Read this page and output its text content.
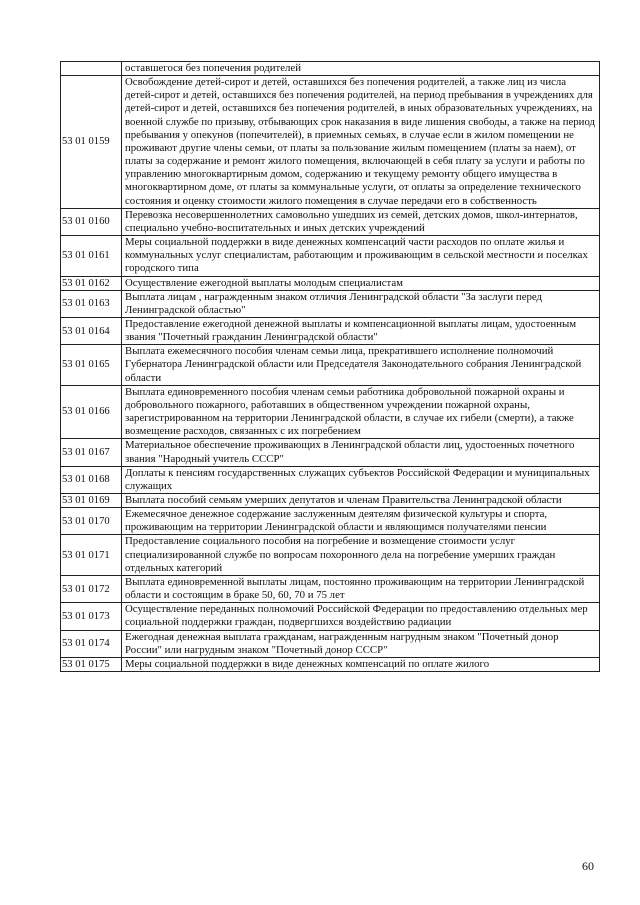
	оставшегося без попечения родителей
53 01 0159	Освобождение детей-сирот и детей, оставшихся без попечения родителей, а также лиц из числа детей-сирот и детей, оставшихся без попечения родителей, на период пребывания в учреждениях для детей-сирот и детей, оставшихся без попечения родителей, в иных образовательных учреждениях, на военной службе по призыву, отбывающих срок наказания в виде лишения свободы, а также на период пребывания у опекунов (попечителей), в приемных семьях, в случае если в жилом помещении не проживают другие члены семьи, от платы за пользование жилым помещением (платы за наем), от платы за содержание и ремонт жилого помещения, включающей в себя плату за услуги и работы по управлению многоквартирным домом, содержанию и текущему ремонту общего имущества в многоквартирном доме, от платы за коммунальные услуги, от оплаты за определение технического состояния и оценку стоимости жилого помещения в случае передачи его в собственность
53 01 0160	Перевозка несовершеннолетних самовольно ушедших из семей, детских домов, школ-интернатов, специально учебно-воспитательных и иных детских учреждений
53 01 0161	Меры социальной поддержки в виде денежных компенсаций части расходов по оплате жилья и коммунальных услуг специалистам, работающим и проживающим в сельской местности и поселках городского типа
53 01 0162	Осуществление ежегодной выплаты молодым специалистам
53 01 0163	Выплата лицам , награжденным знаком отличия Ленинградской области "За заслуги перед Ленинградской областью"
53 01 0164	Предоставление ежегодной денежной выплаты и компенсационной выплаты лицам, удостоенным звания "Почетный гражданин Ленинградской области"
53 01 0165	Выплата ежемесячного пособия членам семьи лица, прекратившего исполнение полномочий Губернатора Ленинградской области или Председателя Законодательного собрания Ленинградской области
53 01 0166	Выплата единовременного пособия членам семьи работника добровольной пожарной охраны и добровольного пожарного, работавших в общественном учреждении пожарной охраны, зарегистрированном на территории Ленинградской области, в случае их гибели (смерти), а также возмещение расходов, связанных с их погребением
53 01 0167	Материальное обеспечение проживающих в Ленинградской области лиц, удостоенных почетного звания "Народный учитель СССР"
53 01 0168	Доплаты к пенсиям государственных служащих субъектов Российской Федерации и муниципальных служащих
53 01 0169	Выплата пособий семьям умерших депутатов и членам Правительства Ленинградской области
53 01 0170	Ежемесячное денежное содержание заслуженным деятелям физической культуры и спорта, проживающим на территории Ленинградской области и являющимся получателями пенсии
53 01 0171	Предоставление социального пособия на погребение и возмещение стоимости услуг специализированной службе по вопросам похоронного дела на погребение умерших граждан отдельных категорий
53 01 0172	Выплата единовременной выплаты лицам, постоянно проживающим на территории Ленинградской области и состоящим в браке 50, 60, 70 и 75 лет
53 01 0173	Осуществление переданных полномочий Российской Федерации по предоставлению отдельных мер социальной поддержки граждан, подвергшихся воздействию радиации
53 01 0174	Ежегодная денежная выплата гражданам, награжденным нагрудным знаком "Почетный донор России" или нагрудным знаком "Почетный донор СССР"
53 01 0175	Меры социальной поддержки в виде денежных компенсаций по оплате жилого
60
